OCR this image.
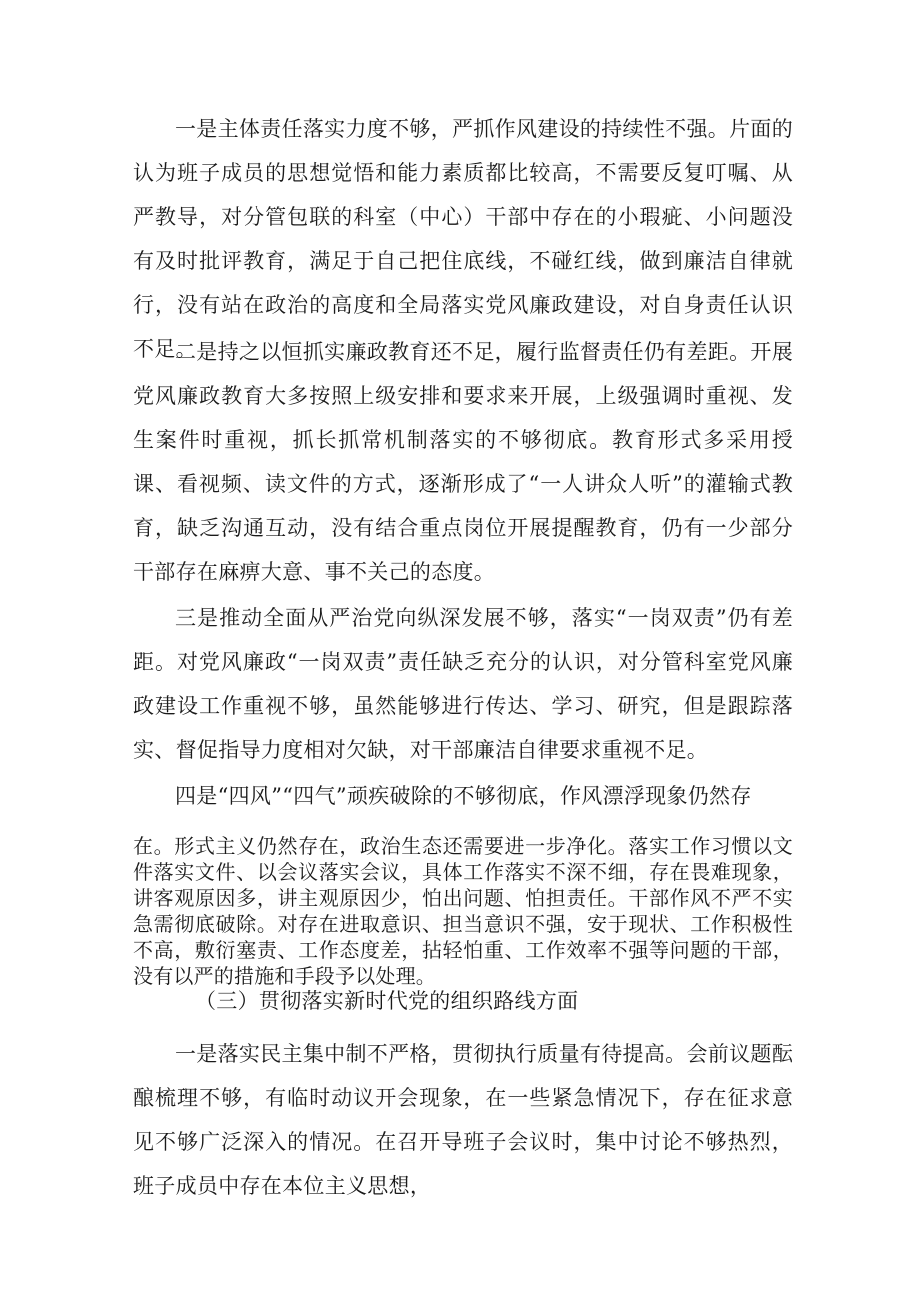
一是主体责任落实力度不够，严抓作风建设的持续性不强。片面的认为班子成员的思想觉悟和能力素质都比较高，不需要反复叮嘱、从严教导，对分管包联的科室（中心）干部中存在的小瑕疵、小问题没有及时批评教育，满足于自己把住底线，不碰红线，做到廉洁自律就行，没有站在政治的高度和全局落实党风廉政建设，对自身责任认识不足。

二是持之以恒抓实廉政教育还不足，履行监督责任仍有差距。开展党风廉政教育大多按照上级安排和要求来开展，上级强调时重视、发生案件时重视，抓长抓常机制落实的不够彻底。教育形式多采用授课、看视频、读文件的方式，逐渐形成了“一人讲众人听”的灌输式教育，缺乏沟通互动，没有结合重点岗位开展提醒教育，仍有一少部分干部存在麻痹大意、事不关己的态度。

三是推动全面从严治党向纵深发展不够，落实“一岗双责”仍有差距。对党风廉政“一岗双责”责任缺乏充分的认识，对分管科室党风廉政建设工作重视不够，虽然能够进行传达、学习、研究，但是跟踪落实、督促指导力度相对欠缺，对干部廉洁自律要求重视不足。

四是“四风”“四气”顽疾破除的不够彻底，作风漂浮现象仍然存

在。形式主义仍然存在，政治生态还需要进一步净化。落实工作习惯以文件落实文件、以会议落实会议，具体工作落实不深不细，存在畏难现象，讲客观原因多，讲主观原因少，怕出问题、怕担责任。干部作风不严不实急需彻底破除。对存在进取意识、担当意识不强，安于现状、工作积极性不高，敷衍塞责、工作态度差，拈轻怕重、工作效率不强等问题的干部，没有以严的措施和手段予以处理。

（三）贯彻落实新时代党的组织路线方面

一是落实民主集中制不严格，贯彻执行质量有待提高。会前议题酝酿梳理不够，有临时动议开会现象，在一些紧急情况下，存在征求意见不够广泛深入的情况。在召开导班子会议时，集中讨论不够热烈，班子成员中存在本位主义思想，
